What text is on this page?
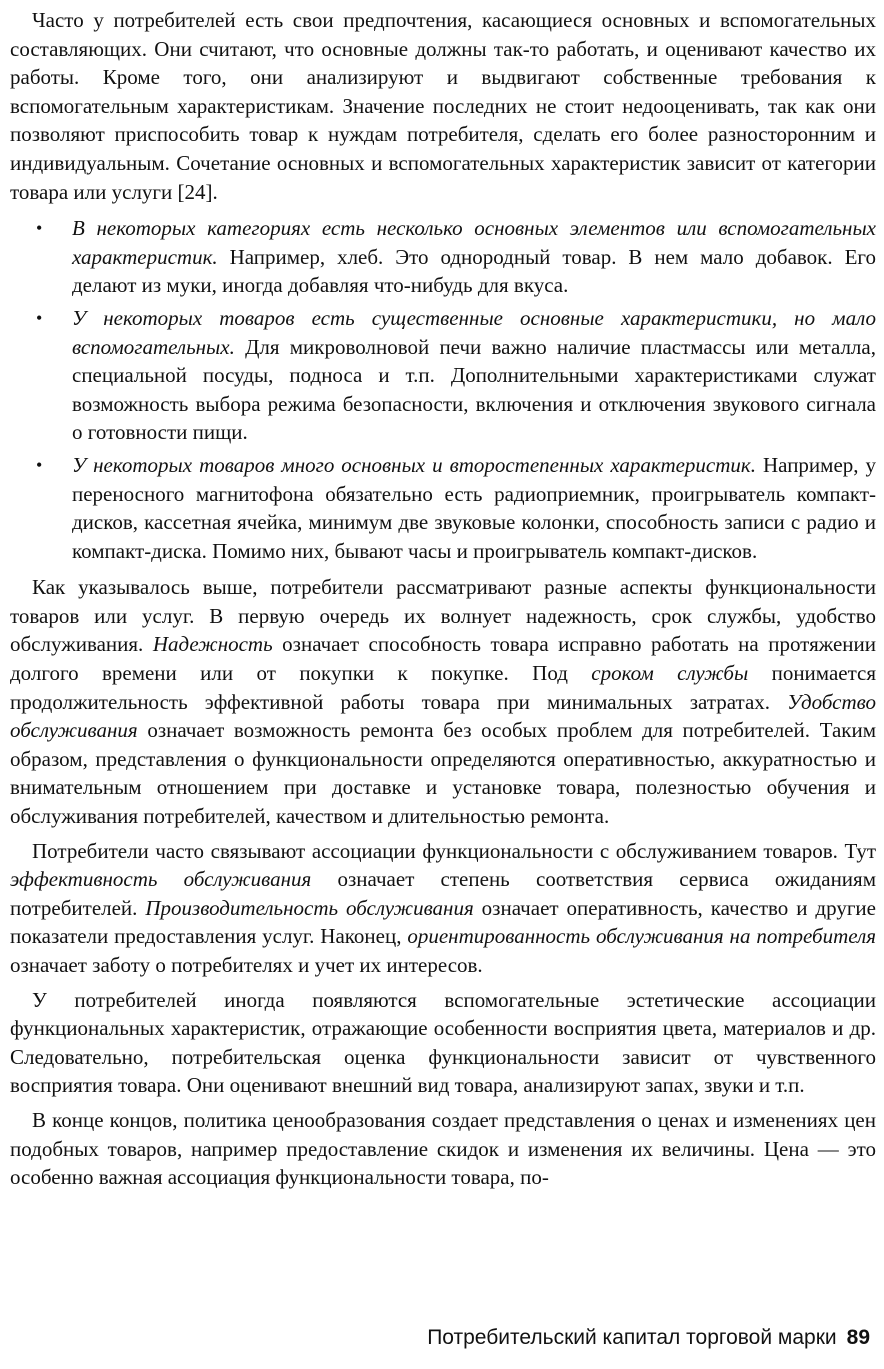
Часто у потребителей есть свои предпочтения, касающиеся основных и вспомогательных составляющих. Они считают, что основные должны так-то работать, и оценивают качество их работы. Кроме того, они анализируют и выдвигают собственные требования к вспомогательным характеристикам. Значение последних не стоит недооценивать, так как они позволяют приспособить товар к нуждам потребителя, сделать его более разносторонним и индивидуальным. Сочетание основных и вспомогательных характеристик зависит от категории товара или услуги [24].

• В некоторых категориях есть несколько основных элементов или вспомогательных характеристик. Например, хлеб. Это однородный товар. В нем мало добавок. Его делают из муки, иногда добавляя что-нибудь для вкуса.
• У некоторых товаров есть существенные основные характеристики, но мало вспомогательных. Для микроволновой печи важно наличие пластмассы или металла, специальной посуды, подноса и т.п. Дополнительными характеристиками служат возможность выбора режима безопасности, включения и отключения звукового сигнала о готовности пищи.
• У некоторых товаров много основных и второстепенных характеристик. Например, у переносного магнитофона обязательно есть радиоприемник, проигрыватель компакт-дисков, кассетная ячейка, минимум две звуковые колонки, способность записи с радио и компакт-диска. Помимо них, бывают часы и проигрыватель компакт-дисков.

Как указывалось выше, потребители рассматривают разные аспекты функциональности товаров или услуг. В первую очередь их волнует надежность, срок службы, удобство обслуживания. Надежность означает способность товара исправно работать на протяжении долгого времени или от покупки к покупке. Под сроком службы понимается продолжительность эффективной работы товара при минимальных затратах. Удобство обслуживания означает возможность ремонта без особых проблем для потребителей. Таким образом, представления о функциональности определяются оперативностью, аккуратностью и внимательным отношением при доставке и установке товара, полезностью обучения и обслуживания потребителей, качеством и длительностью ремонта.

Потребители часто связывают ассоциации функциональности с обслуживанием товаров. Тут эффективность обслуживания означает степень соответствия сервиса ожиданиям потребителей. Производительность обслуживания означает оперативность, качество и другие показатели предоставления услуг. Наконец, ориентированность обслуживания на потребителя означает заботу о потребителях и учет их интересов.

У потребителей иногда появляются вспомогательные эстетические ассоциации функциональных характеристик, отражающие особенности восприятия цвета, материалов и др. Следовательно, потребительская оценка функциональности зависит от чувственного восприятия товара. Они оценивают внешний вид товара, анализируют запах, звуки и т.п.

В конце концов, политика ценообразования создает представления о ценах и изменениях цен подобных товаров, например предоставление скидок и изменения их величины. Цена — это особенно важная ассоциация функциональности товара, по-

Потребительский капитал торговой марки 89
